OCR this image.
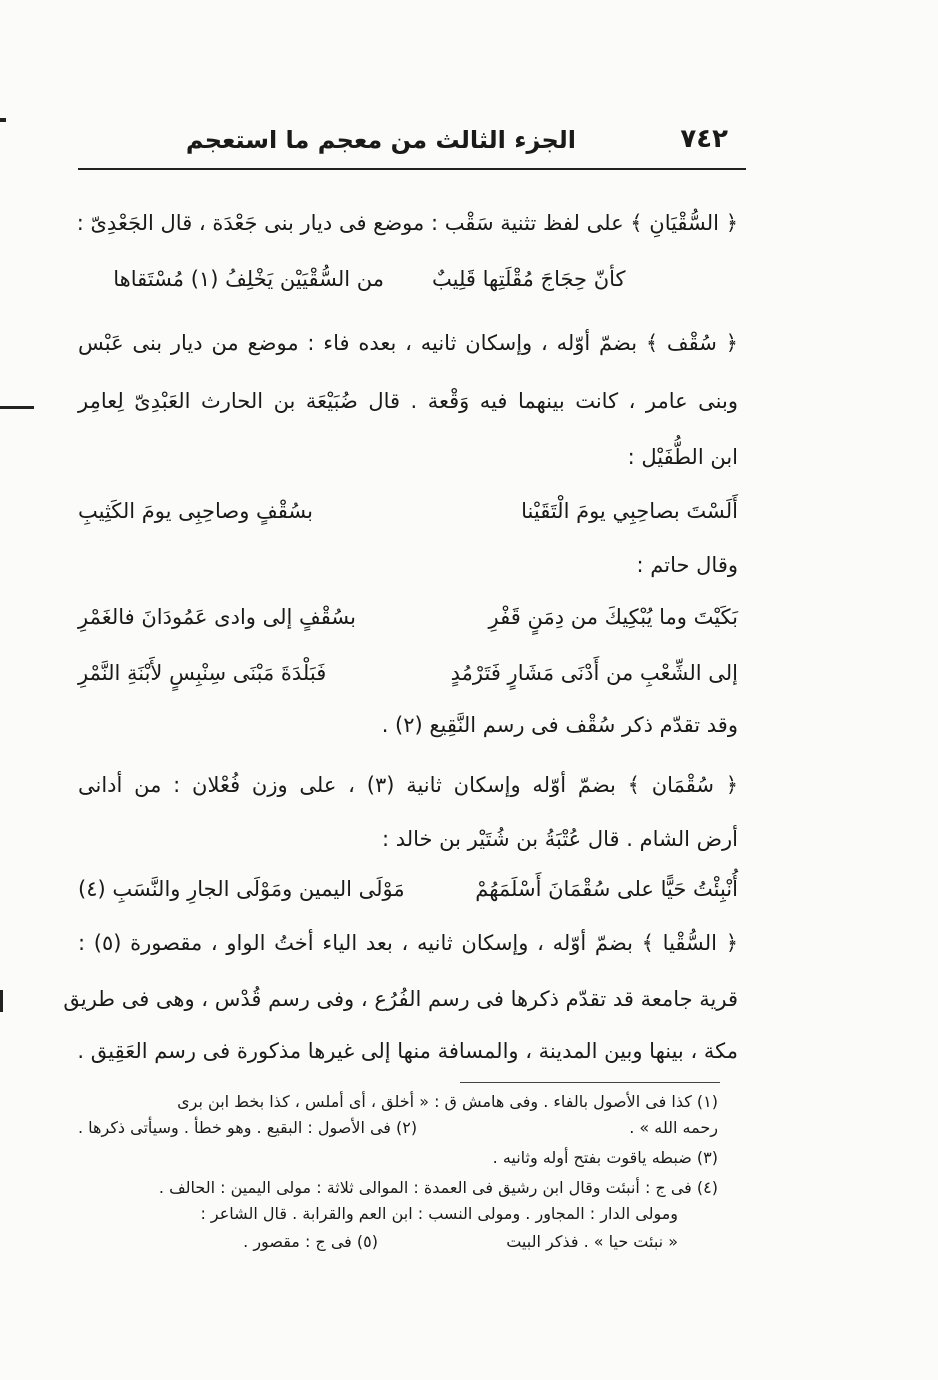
٧٤٢
الجزء الثالث من معجم ما استعجم
﴿ السُّقْيَانِ ﴾ على لفظ تثنية سَقْب : موضع فى ديار بنى جَعْدَة ، قال الجَعْدِىّ :
كأنّ حِجَاجَ مُقْلَتِها قَلِيبٌ
من السُّقْيَيْن يَخْلِفُ (١) مُسْتَقاها
﴿ سُقْف ﴾ بضمّ أوّله ، وإسكان ثانيه ، بعده فاء : موضع من ديار بنى عَبْس
وبنى عامر ، كانت بينهما فيه وَقْعة . قال ضُبَيْعَة بن الحارث العَبْدِىّ لِعامِر
ابن الطُّفَيْل :
أَلَسْتَ بصاحِبِي يومَ الْتَقَيْنا
بسُقْفٍ وصاحِبِى يومَ الكَثِيبِ
وقال حاتم :
بَكَيْتَ وما يُبْكِيكَ من دِمَنٍ قَفْرِ
بسُقْفٍ إلى وادى عَمُودَانَ فالغَمْرِ
إلى الشِّعْبِ من أَدْنَى مَشَارٍ فَتَرْمُدٍ
فَبَلْدَةَ مَبْنَى سِنْبِسٍ لأَبْنَةِ النَّمْرِ
وقد تقدّم ذكر سُقْف فى رسم النَّقِيع (٢) .
﴿ سُقْمَان ﴾ بضمّ أوّله وإسكان ثانية (٣) ، على وزن فُعْلان : من أدانى
أرض الشام . قال عُتْبَةُ بن شُتَيْر بن خالد :
أُنْبِئْتُ حَيًّا على سُقْمَانَ أَسْلَمَهُمْ
مَوْلَى اليمين ومَوْلَى الجارِ والنَّسَبِ (٤)
﴿ السُّقْيا ﴾ بضمّ أوّله ، وإسكان ثانيه ، بعد الياء أختُ الواو ، مقصورة (٥) :
قرية جامعة قد تقدّم ذكرها فى رسم الفُرُع ، وفى رسم قُدْس ، وهى فى طريق
مكة ، بينها وبين المدينة ، والمسافة منها إلى غيرها مذكورة فى رسم العَقِيق .
(١) كذا فى الأصول بالفاء . وفى هامش ق : « أخلق ، أى أملس ، كذا بخط ابن برى
رحمه الله » .
(٢) فى الأصول : البقيع . وهو خطأ . وسيأتى ذكرها .
(٣) ضبطه ياقوت بفتح أوله وثانيه .
(٤) فى ج : أنبئت وقال ابن رشيق فى العمدة : الموالى ثلاثة : مولى اليمين : الحالف .
ومولى الدار : المجاور . ومولى النسب : ابن العم والقرابة . قال الشاعر :
« نبئت حيا » . فذكر البيت
(٥) فى ج : مقصور .
